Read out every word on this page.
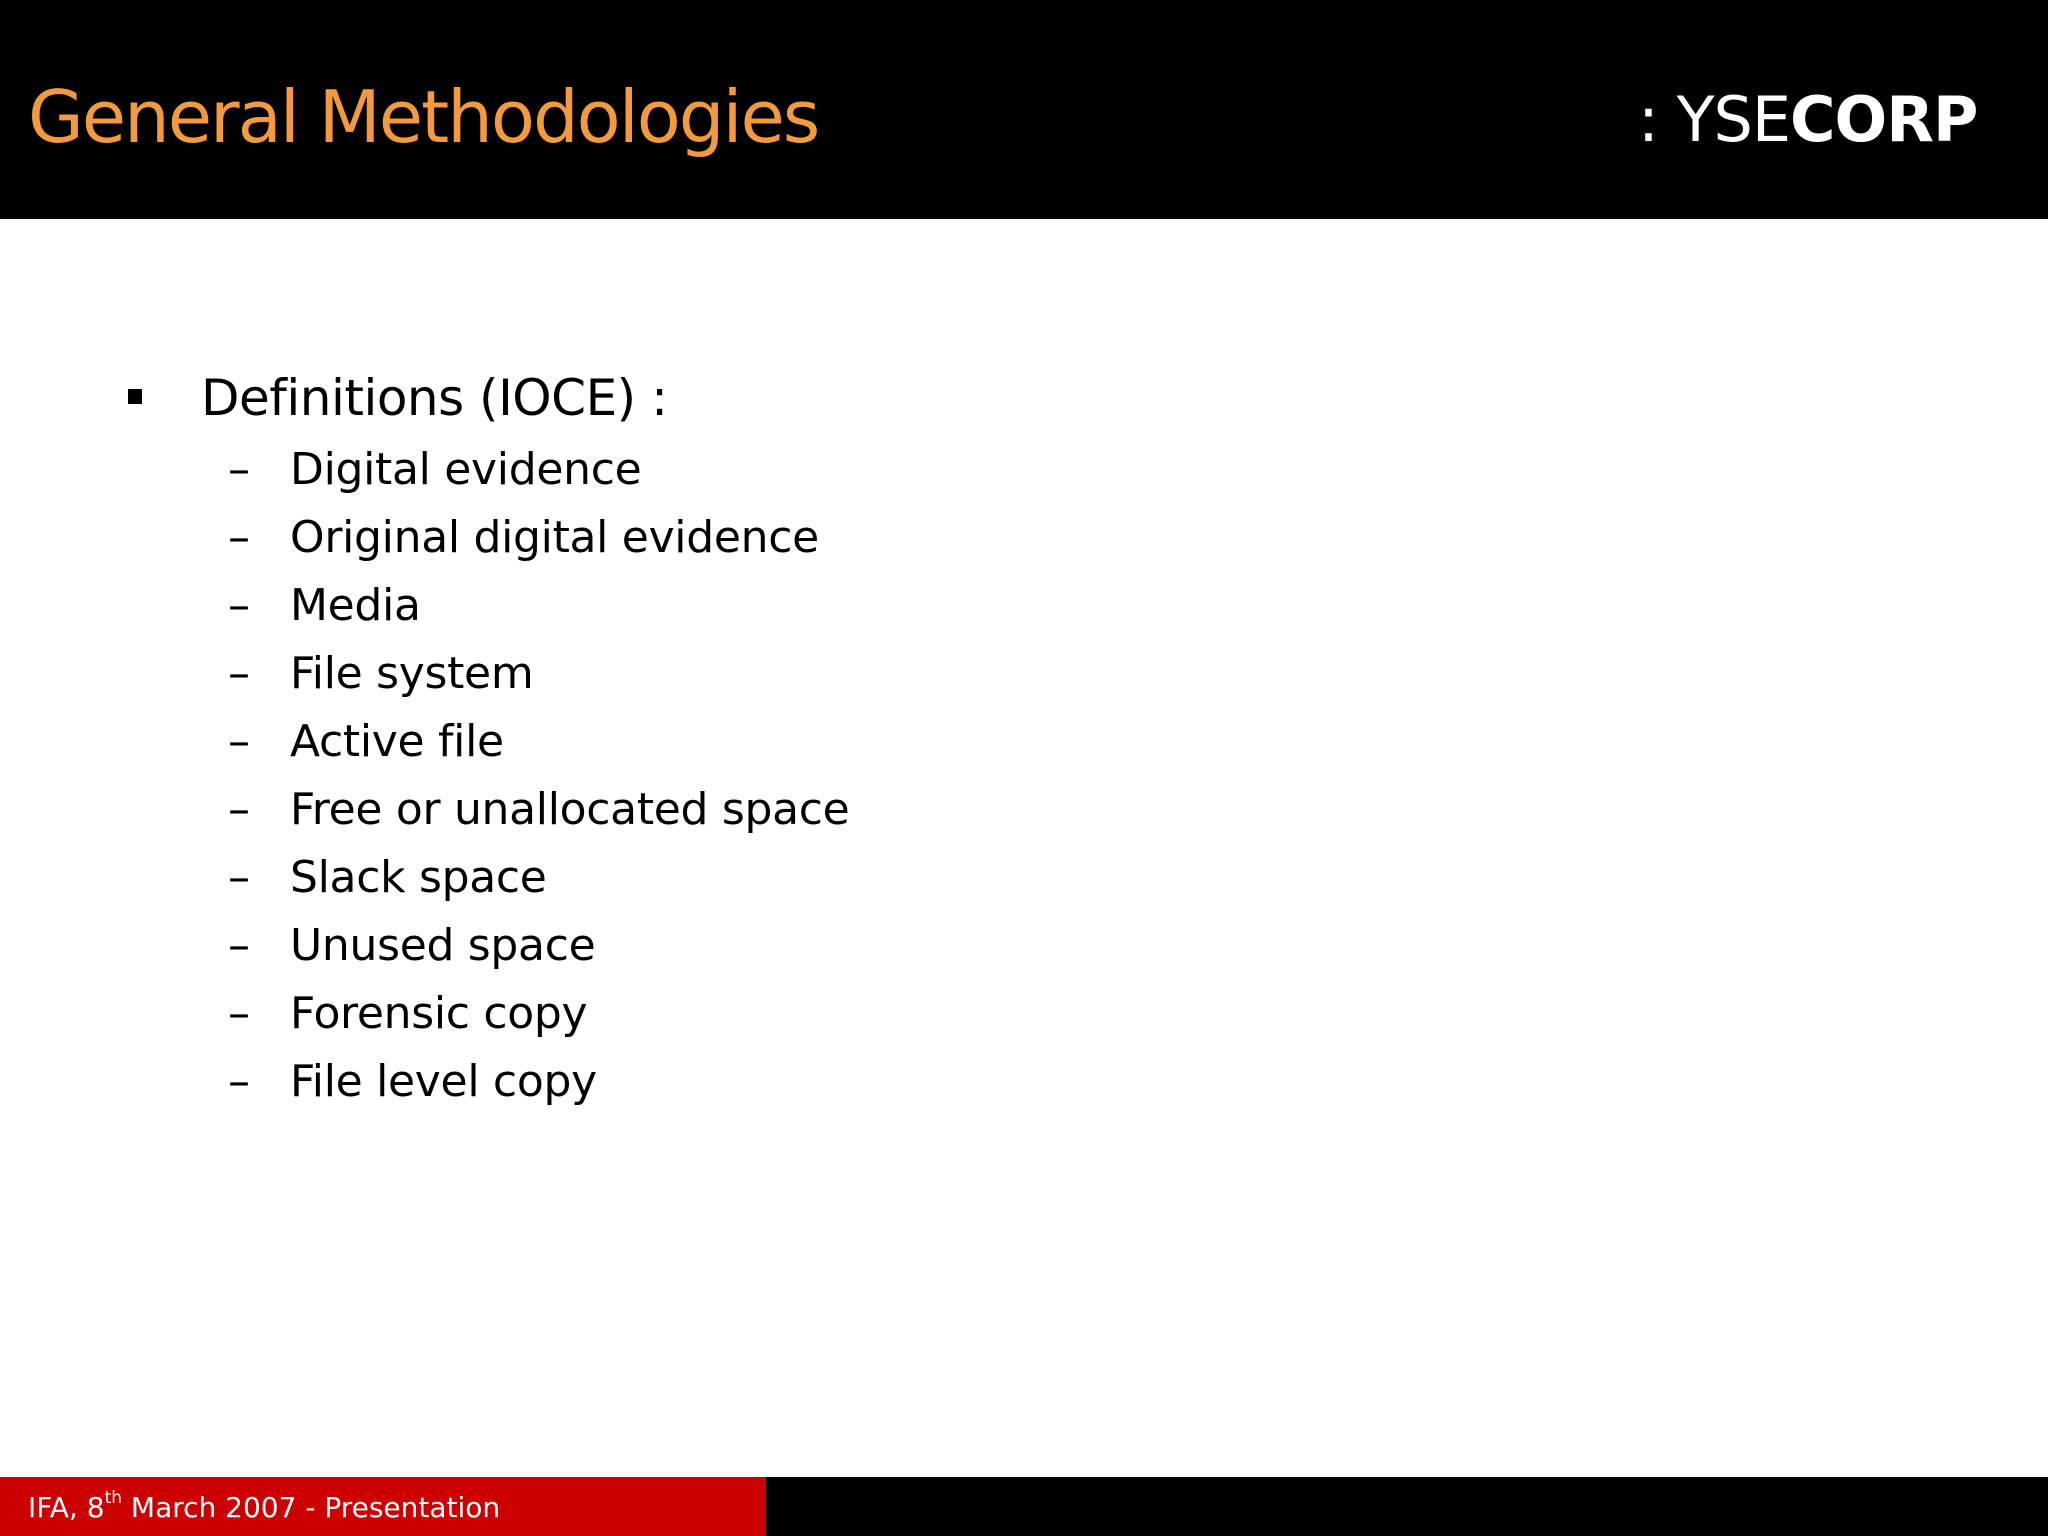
General Methodologies	: YSECORP
Definitions (IOCE) :
– Digital evidence
– Original digital evidence
– Media
– File system
– Active file
– Free or unallocated space
– Slack space
– Unused space
– Forensic copy
– File level copy
IFA, 8th March 2007 - Presentation
